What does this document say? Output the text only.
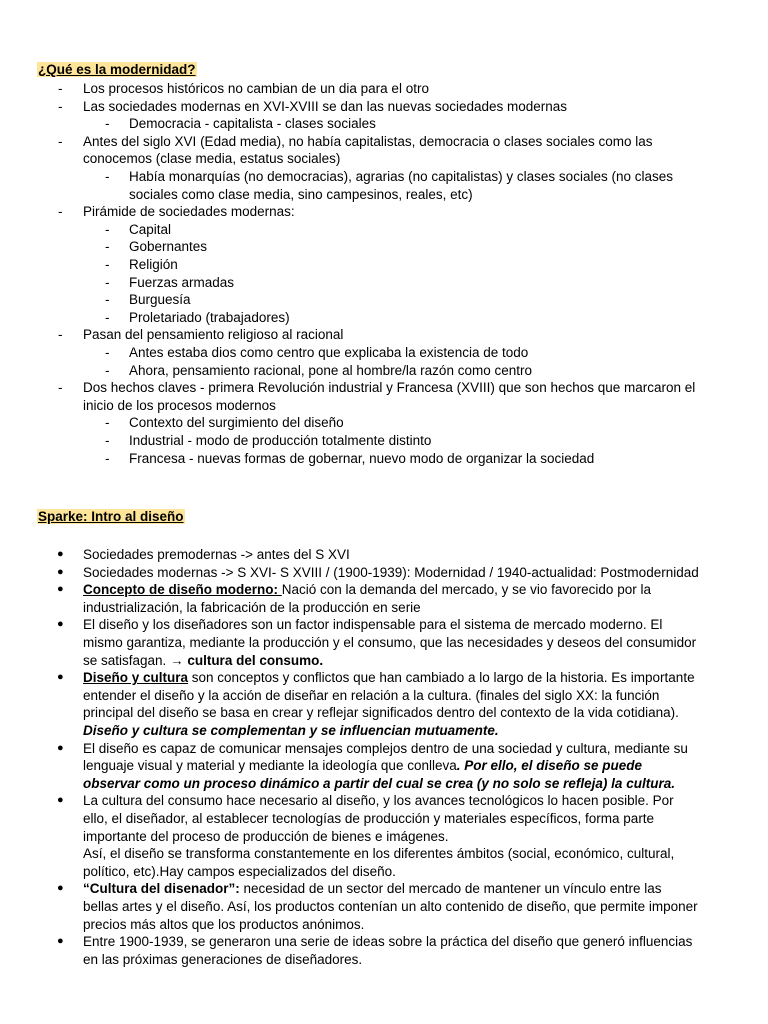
¿Qué es la modernidad?
- Los procesos históricos no cambian de un dia para el otro
- Las sociedades modernas en XVI-XVIII se dan las nuevas sociedades modernas
- Democracia - capitalista - clases sociales
- Antes del siglo XVI (Edad media), no había capitalistas, democracia o clases sociales como las
conocemos (clase media, estatus sociales)
- Había monarquías (no democracias), agrarias (no capitalistas) y clases sociales (no clases
sociales como clase media, sino campesinos, reales, etc)
- Pirámide de sociedades modernas:
- Capital
- Gobernantes
- Religión
- Fuerzas armadas
- Burguesía
- Proletariado (trabajadores)
- Pasan del pensamiento religioso al racional
- Antes estaba dios como centro que explicaba la existencia de todo
- Ahora, pensamiento racional, pone al hombre/la razón como centro
- Dos hechos claves - primera Revolución industrial y Francesa (XVIII) que son hechos que marcaron el
inicio de los procesos modernos
- Contexto del surgimiento del diseño
- Industrial - modo de producción totalmente distinto
- Francesa - nuevas formas de gobernar, nuevo modo de organizar la sociedad
Sparke: Intro al diseño
● Sociedades premodernas -> antes del S XVI
● Sociedades modernas -> S XVI- S XVIII / (1900-1939): Modernidad / 1940-actualidad: Postmodernidad
● Concepto de diseño moderno: Nació con la demanda del mercado, y se vio favorecido por la
industrialización, la fabricación de la producción en serie
● El diseño y los diseñadores son un factor indispensable para el sistema de mercado moderno. El
mismo garantiza, mediante la producción y el consumo, que las necesidades y deseos del consumidor
se satisfagan. → cultura del consumo.
● Diseño y cultura son conceptos y conflictos que han cambiado a lo largo de la historia. Es importante
entender el diseño y la acción de diseñar en relación a la cultura. (finales del siglo XX: la función
principal del diseño se basa en crear y reflejar significados dentro del contexto de la vida cotidiana).
Diseño y cultura se complementan y se influencian mutuamente.
● El diseño es capaz de comunicar mensajes complejos dentro de una sociedad y cultura, mediante su
lenguaje visual y material y mediante la ideología que conlleva. Por ello, el diseño se puede
observar como un proceso dinámico a partir del cual se crea (y no solo se refleja) la cultura.
● La cultura del consumo hace necesario al diseño, y los avances tecnológicos lo hacen posible. Por
ello, el diseñador, al establecer tecnologías de producción y materiales específicos, forma parte
importante del proceso de producción de bienes e imágenes.
Así, el diseño se transforma constantemente en los diferentes ámbitos (social, económico, cultural,
político, etc).Hay campos especializados del diseño.
● “Cultura del disenador”: necesidad de un sector del mercado de mantener un vínculo entre las
bellas artes y el diseño. Así, los productos contenían un alto contenido de diseño, que permite imponer
precios más altos que los productos anónimos.
● Entre 1900-1939, se generaron una serie de ideas sobre la práctica del diseño que generó influencias
en las próximas generaciones de diseñadores.
